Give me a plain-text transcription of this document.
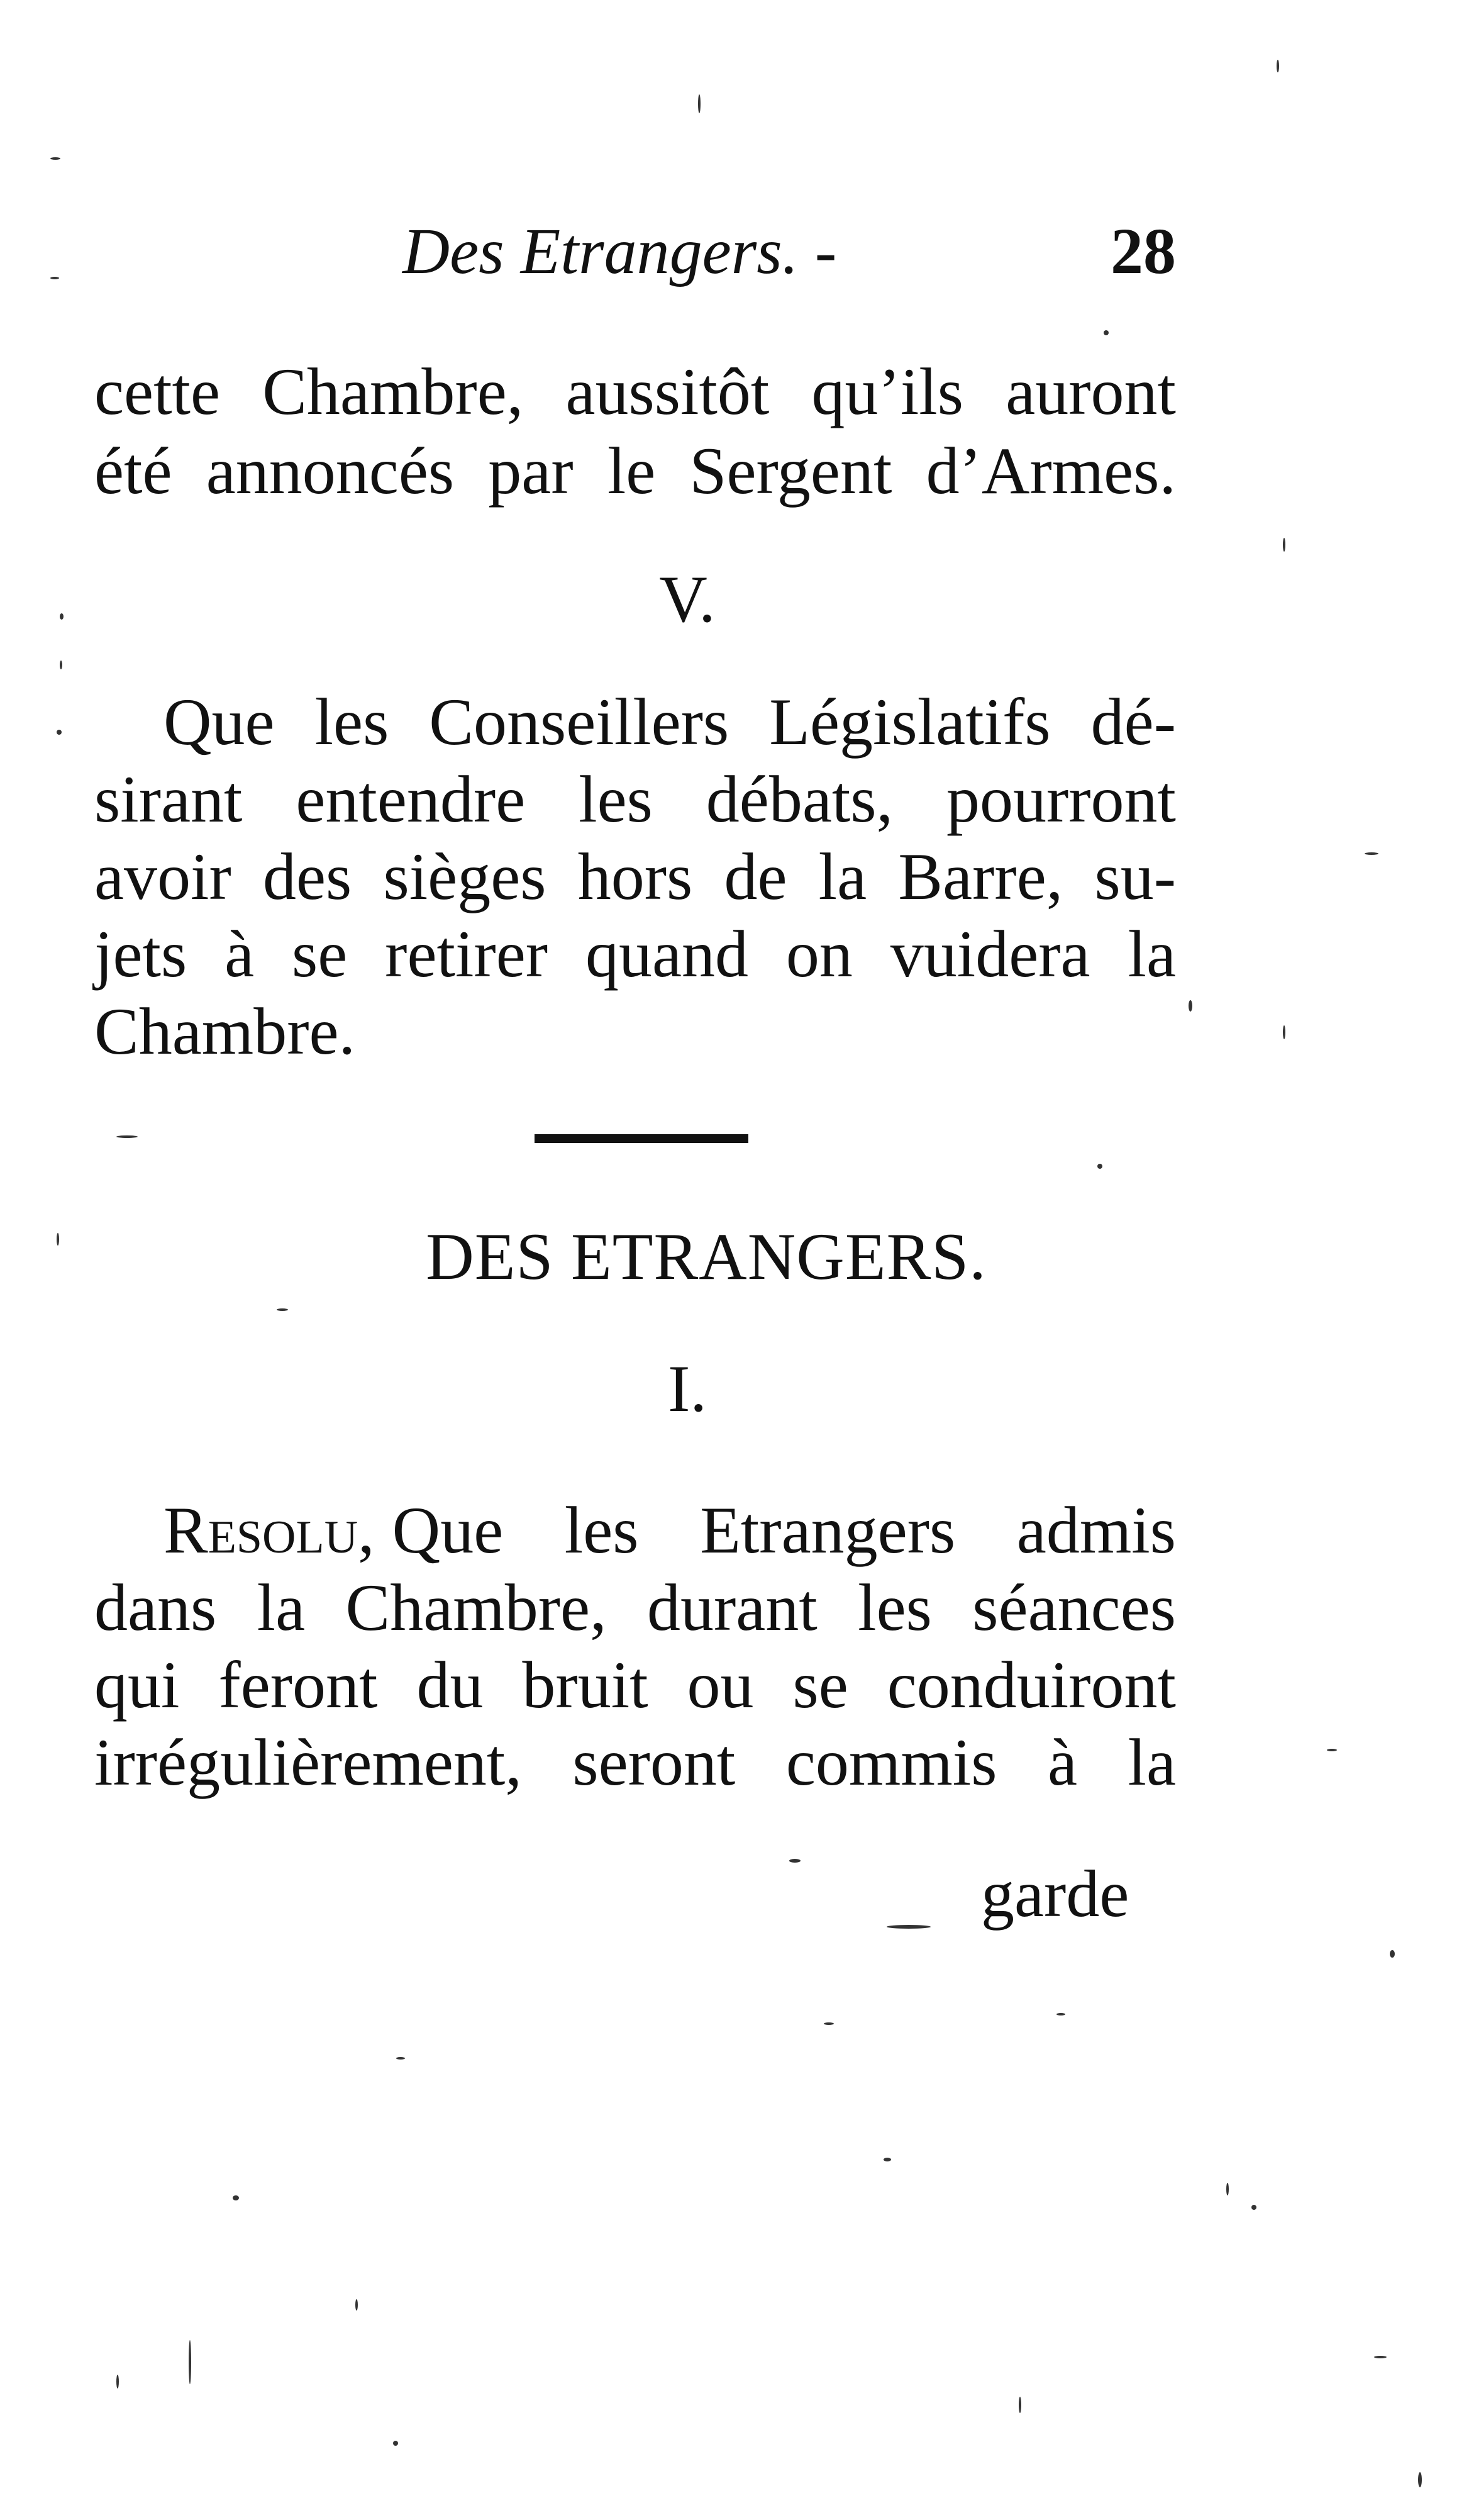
Des Etrangers. -	28
cette Chambre, aussitôt qu’ils auront
été annoncés par le Sergent d’Armes.
V.
Que les Conseillers Législatifs dé-
sirant entendre les débats, pourront
avoir des sièges hors de la Barre, su-
jets à se retirer quand on vuidera la
Chambre.
DES ETRANGERS.
I.
Resolu, Que les Etrangers admis
dans la Chambre, durant les séances
qui feront du bruit ou se conduiront
irrégulièrement, seront commis à la
garde
